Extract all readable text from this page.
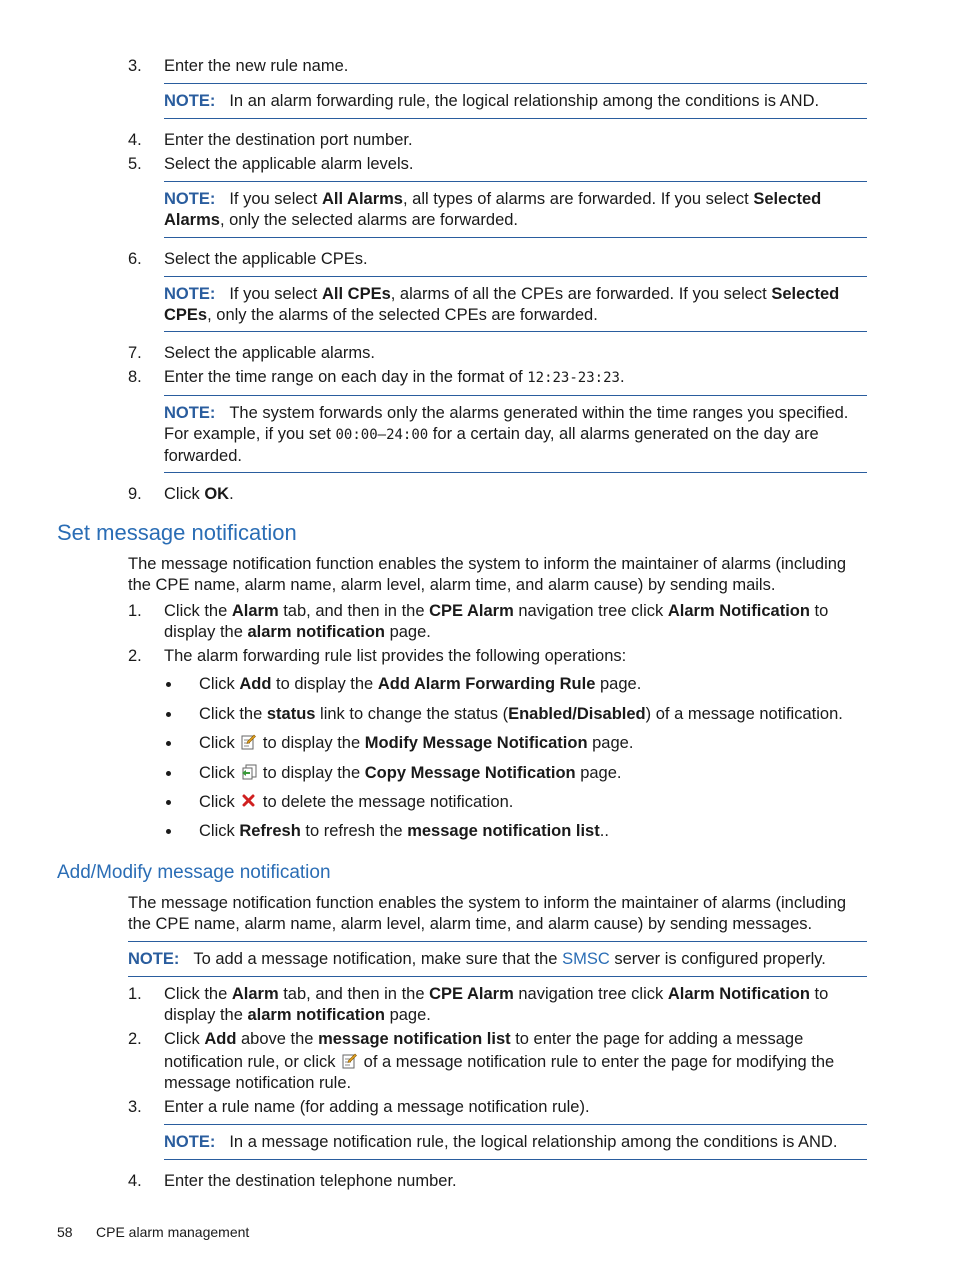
3.	Enter the new rule name.
NOTE: In an alarm forwarding rule, the logical relationship among the conditions is AND.
4.	Enter the destination port number.
5.	Select the applicable alarm levels.
NOTE: If you select All Alarms, all types of alarms are forwarded. If you select Selected
Alarms, only the selected alarms are forwarded.
6.	Select the applicable CPEs.
NOTE: If you select All CPEs, alarms of all the CPEs are forwarded. If you select Selected
CPEs, only the alarms of the selected CPEs are forwarded.
7.	Select the applicable alarms.
8.	Enter the time range on each day in the format of 12:23-23:23.
NOTE: The system forwards only the alarms generated within the time ranges you specified.
For example, if you set 00:00–24:00 for a certain day, all alarms generated on the day are
forwarded.
9.	Click OK.
Set message notification
The message notification function enables the system to inform the maintainer of alarms (including
the CPE name, alarm name, alarm level, alarm time, and alarm cause) by sending mails.
1.	Click the Alarm tab, and then in the CPE Alarm navigation tree click Alarm Notification to
display the alarm notification page.
2.	The alarm forwarding rule list provides the following operations:
Click Add to display the Add Alarm Forwarding Rule page.
Click the status link to change the status (Enabled/Disabled) of a message notification.
Click  to display the Modify Message Notification page.
Click  to display the Copy Message Notification page.
Click  to delete the message notification.
Click Refresh to refresh the message notification list..
Add/Modify message notification
The message notification function enables the system to inform the maintainer of alarms (including
the CPE name, alarm name, alarm level, alarm time, and alarm cause) by sending messages.
NOTE: To add a message notification, make sure that the SMSC server is configured properly.
1.	Click the Alarm tab, and then in the CPE Alarm navigation tree click Alarm Notification to
display the alarm notification page.
2.	Click Add above the message notification list to enter the page for adding a message
notification rule, or click  of a message notification rule to enter the page for modifying the
message notification rule.
3.	Enter a rule name (for adding a message notification rule).
NOTE: In a message notification rule, the logical relationship among the conditions is AND.
4.	Enter the destination telephone number.
58 CPE alarm management
